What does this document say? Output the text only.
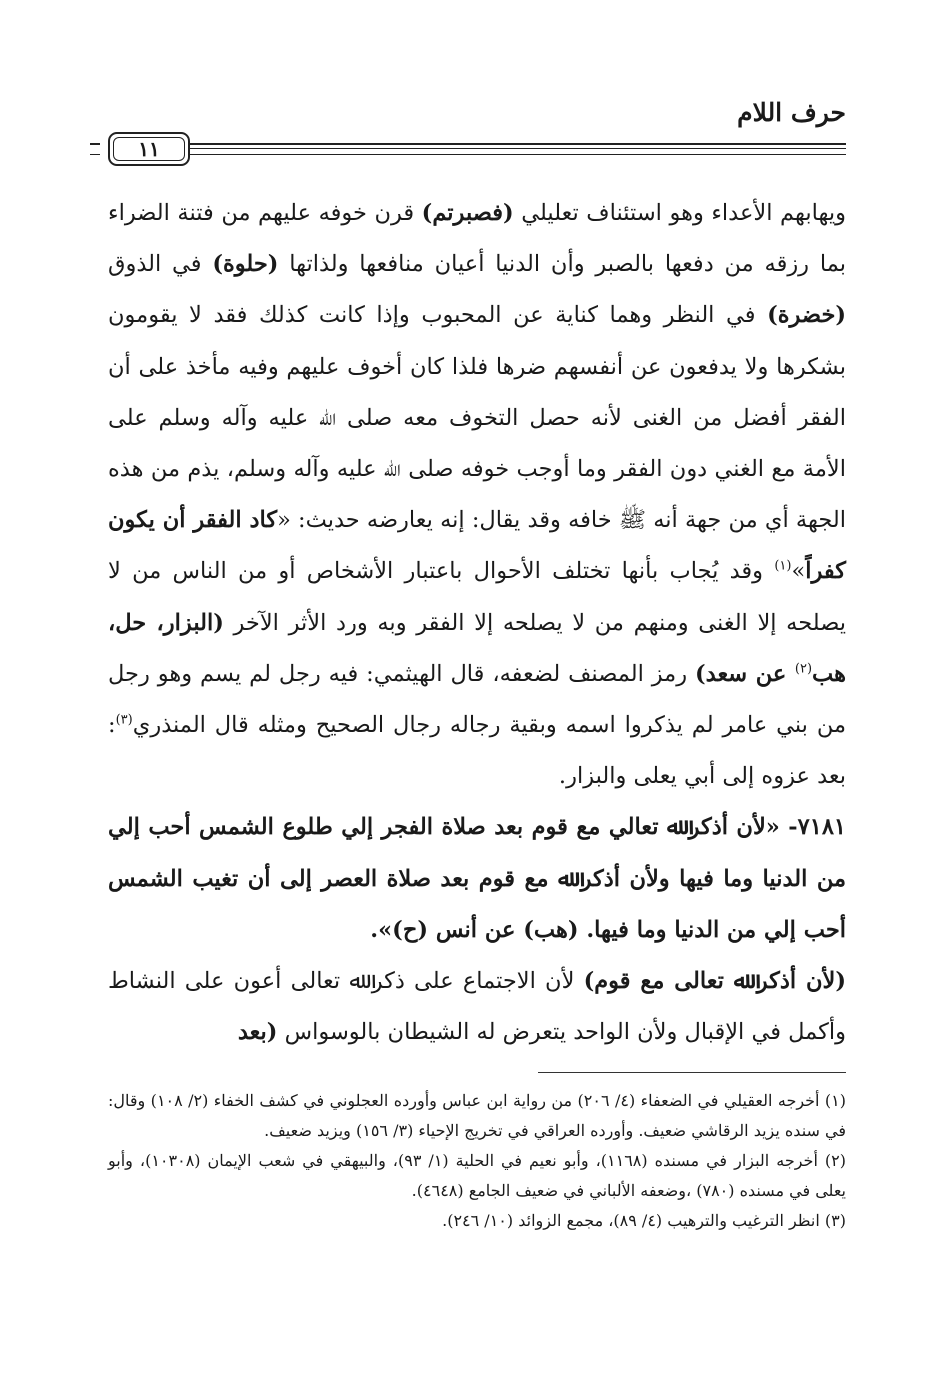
حرف اللام
١١

ويهابهم الأعداء وهو استئناف تعليلي (فصبرتم) قرن خوفه عليهم من فتنة الضراء بما رزقه من دفعها بالصبر وأن الدنيا أعيان منافعها ولذاتها (حلوة) في الذوق (خضرة) في النظر وهما كناية عن المحبوب وإذا كانت كذلك فقد لا يقومون بشكرها ولا يدفعون عن أنفسهم ضرها فلذا كان أخوف عليهم وفيه مأخذ على أن الفقر أفضل من الغنى لأنه حصل التخوف معه صلى ﷲ عليه وآله وسلم على الأمة مع الغني دون الفقر وما أوجب خوفه صلى ﷲ عليه وآله وسلم، يذم من هذه الجهة أي من جهة أنه ﷺ خافه وقد يقال: إنه يعارضه حديث: «كاد الفقر أن يكون كفراً»$^{(١)}$ وقد يُجاب بأنها تختلف الأحوال باعتبار الأشخاص أو من الناس من لا يصلحه إلا الغنى ومنهم من لا يصلحه إلا الفقر وبه ورد الأثر الآخر (البزار، حل، هب$^{(٢)}$ عن سعد) رمز المصنف لضعفه، قال الهيثمي: فيه رجل لم يسم وهو رجل من بني عامر لم يذكروا اسمه وبقية رجاله رجال الصحيح ومثله قال المنذري$^{(٣)}$: بعد عزوه إلى أبي يعلى والبزار.

٧١٨١- «لأن أذكر ﷲ تعالي مع قوم بعد صلاة الفجر إلي طلوع الشمس أحب إلي من الدنيا وما فيها ولأن أذكر ﷲ مع قوم بعد صلاة العصر إلى أن تغيب الشمس أحب إلي من الدنيا وما فيها. (هب) عن أنس (ح)».

(لأن أذكر ﷲ تعالى مع قوم) لأن الاجتماع على ذكر ﷲ تعالى أعون على النشاط وأكمل في الإقبال ولأن الواحد يتعرض له الشيطان بالوسواس (بعد

(١) أخرجه العقيلي في الضعفاء (٤/ ٢٠٦) من رواية ابن عباس وأورده العجلوني في كشف الخفاء (٢/ ١٠٨) وقال: في سنده يزيد الرقاشي ضعيف. وأورده العراقي في تخريج الإحياء (٣/ ١٥٦) ويزيد ضعيف.

(٢) أخرجه البزار في مسنده (١١٦٨)، وأبو نعيم في الحلية (١/ ٩٣)، والبيهقي في شعب الإيمان (١٠٣٠٨)، وأبو يعلى في مسنده (٧٨٠) ،وضعفه الألباني في ضعيف الجامع (٤٦٤٨).

(٣) انظر الترغيب والترهيب (٤/ ٨٩)، مجمع الزوائد (١٠/ ٢٤٦).
